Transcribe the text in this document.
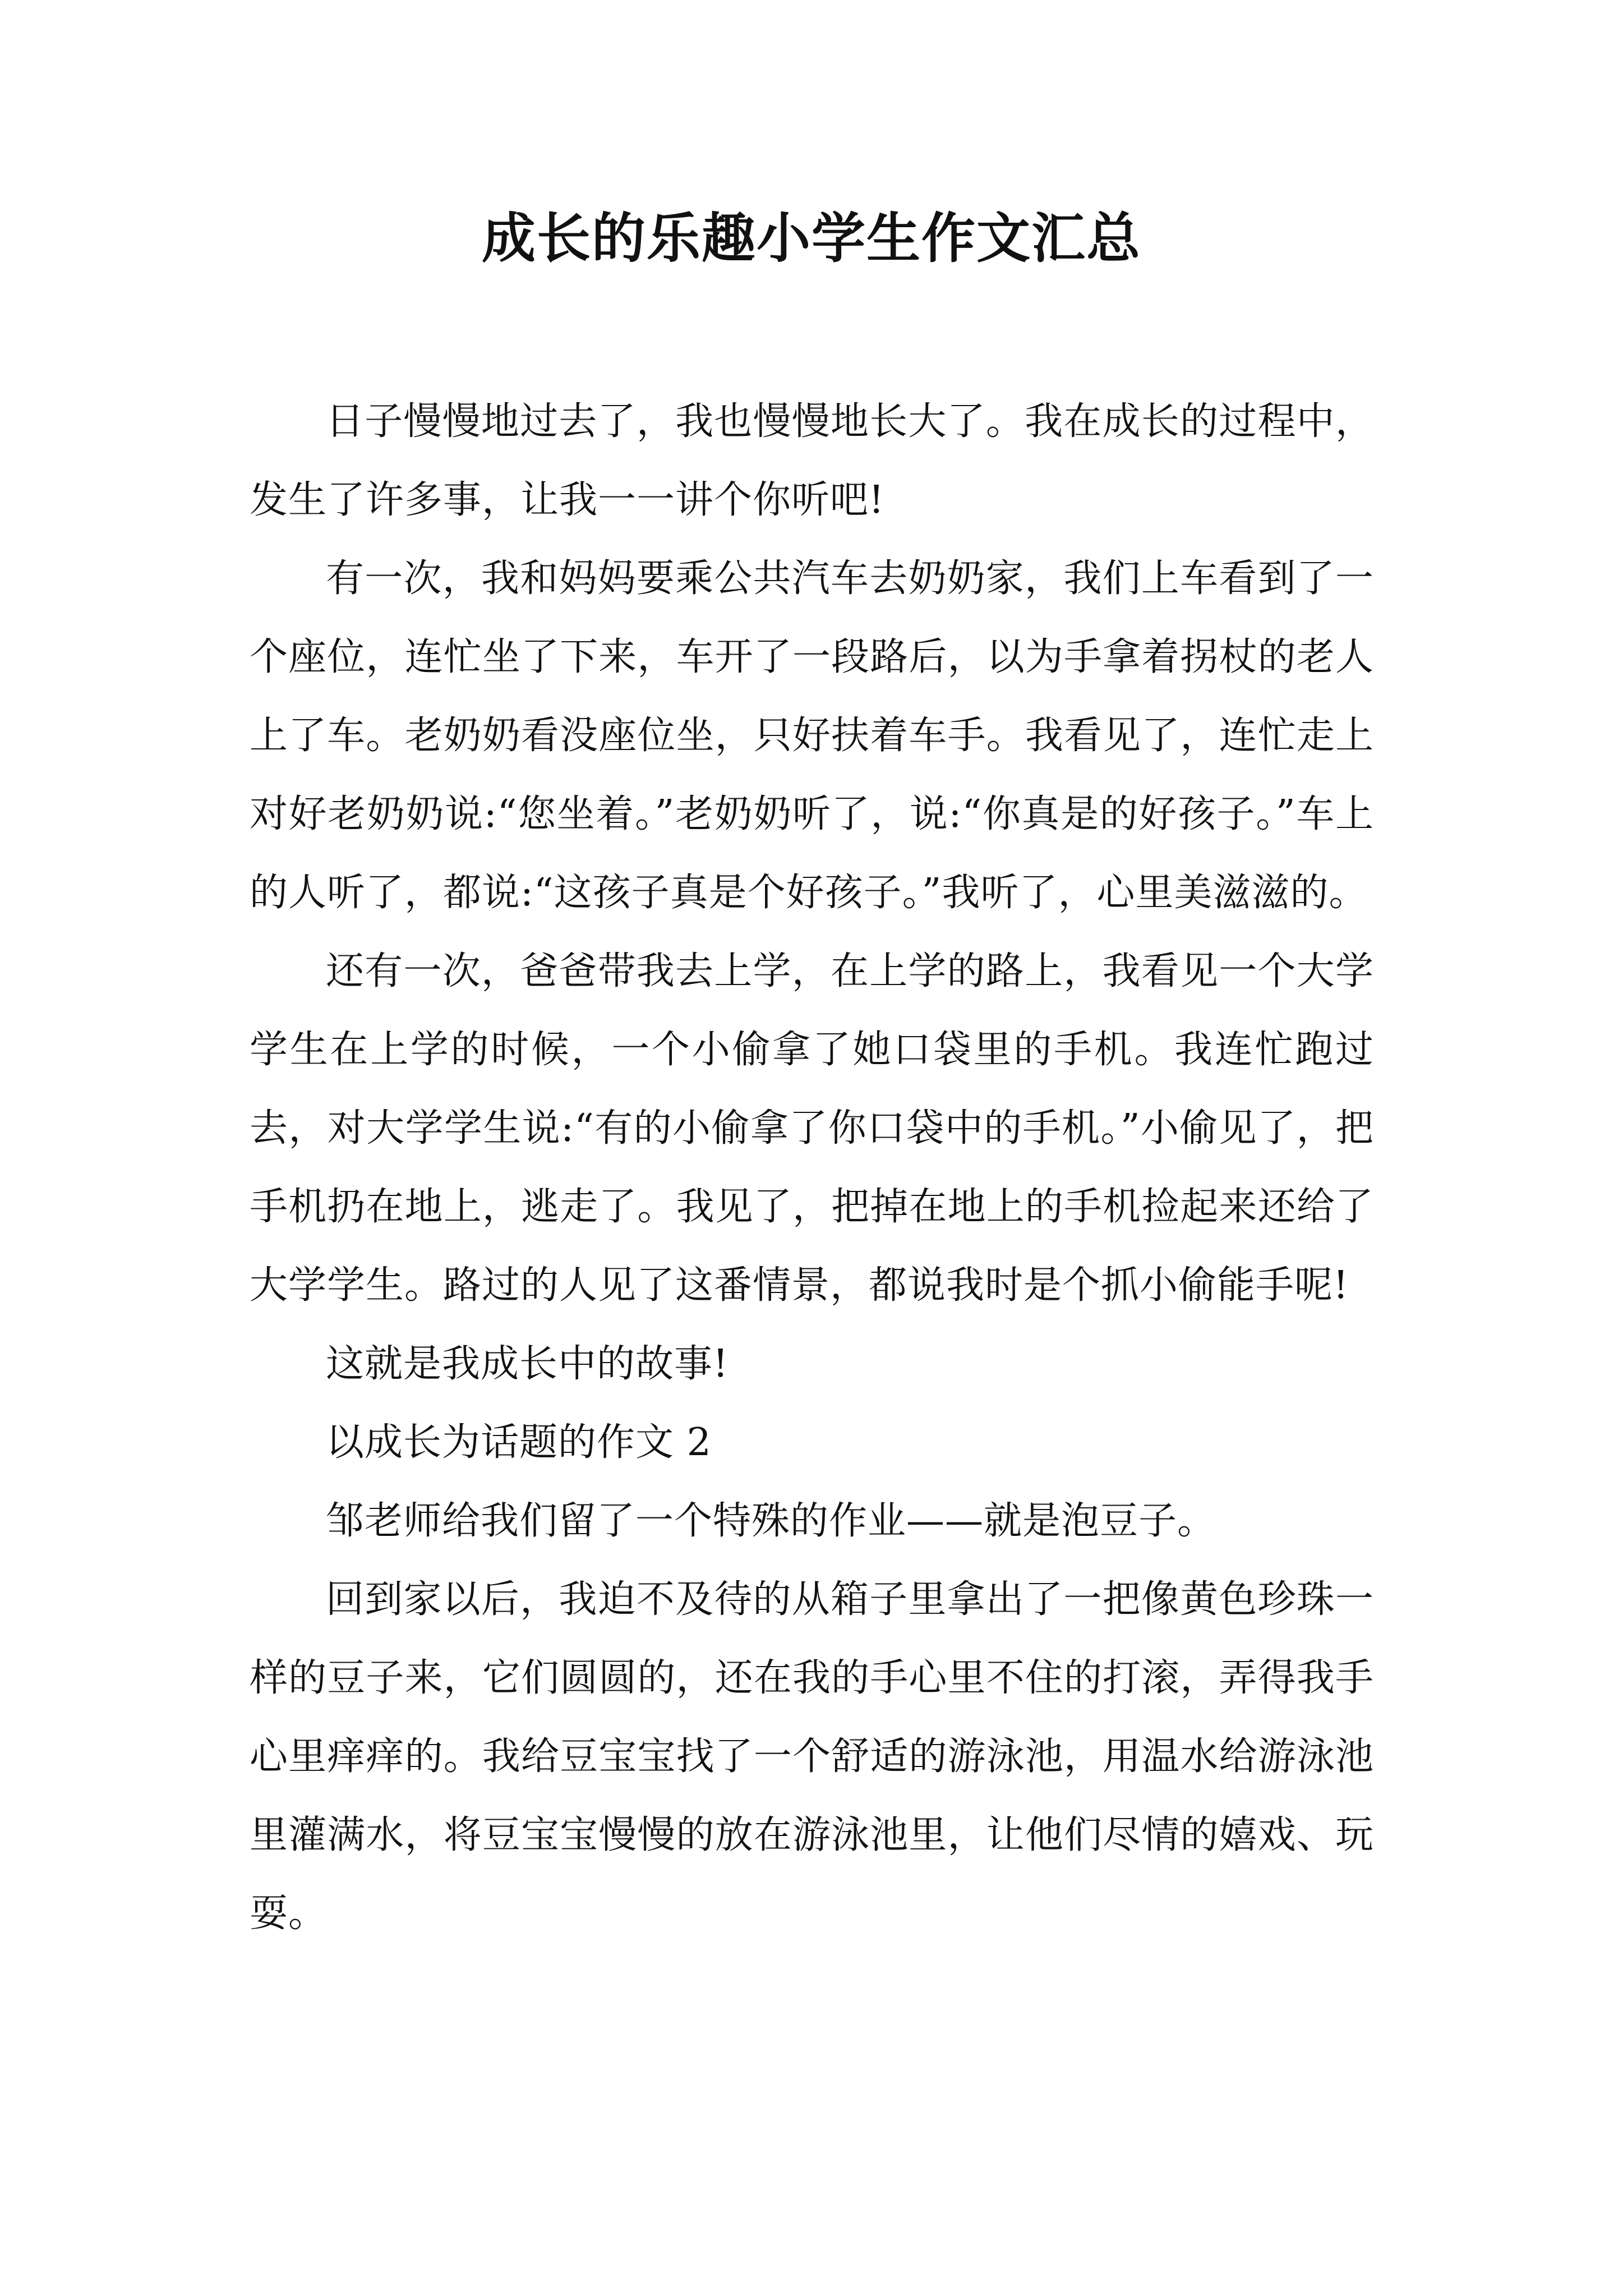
成长的乐趣小学生作文汇总

日子慢慢地过去了，我也慢慢地长大了。我在成长的过程中，发生了许多事，让我一一讲个你听吧!

有一次，我和妈妈要乘公共汽车去奶奶家，我们上车看到了一个座位，连忙坐了下来，车开了一段路后，以为手拿着拐杖的老人上了车。老奶奶看没座位坐，只好扶着车手。我看见了，连忙走上对好老奶奶说:“您坐着。”老奶奶听了，说:“你真是的好孩子。”车上的人听了，都说:“这孩子真是个好孩子。”我听了，心里美滋滋的。

还有一次，爸爸带我去上学，在上学的路上，我看见一个大学学生在上学的时候，一个小偷拿了她口袋里的手机。我连忙跑过去，对大学学生说:“有的小偷拿了你口袋中的手机。”小偷见了，把手机扔在地上，逃走了。我见了，把掉在地上的手机捡起来还给了大学学生。路过的人见了这番情景，都说我时是个抓小偷能手呢!

这就是我成长中的故事!

以成长为话题的作文 2

邹老师给我们留了一个特殊的作业——就是泡豆子。

回到家以后，我迫不及待的从箱子里拿出了一把像黄色珍珠一样的豆子来，它们圆圆的，还在我的手心里不住的打滚，弄得我手心里痒痒的。我给豆宝宝找了一个舒适的游泳池，用温水给游泳池里灌满水，将豆宝宝慢慢的放在游泳池里，让他们尽情的嬉戏、玩耍。
